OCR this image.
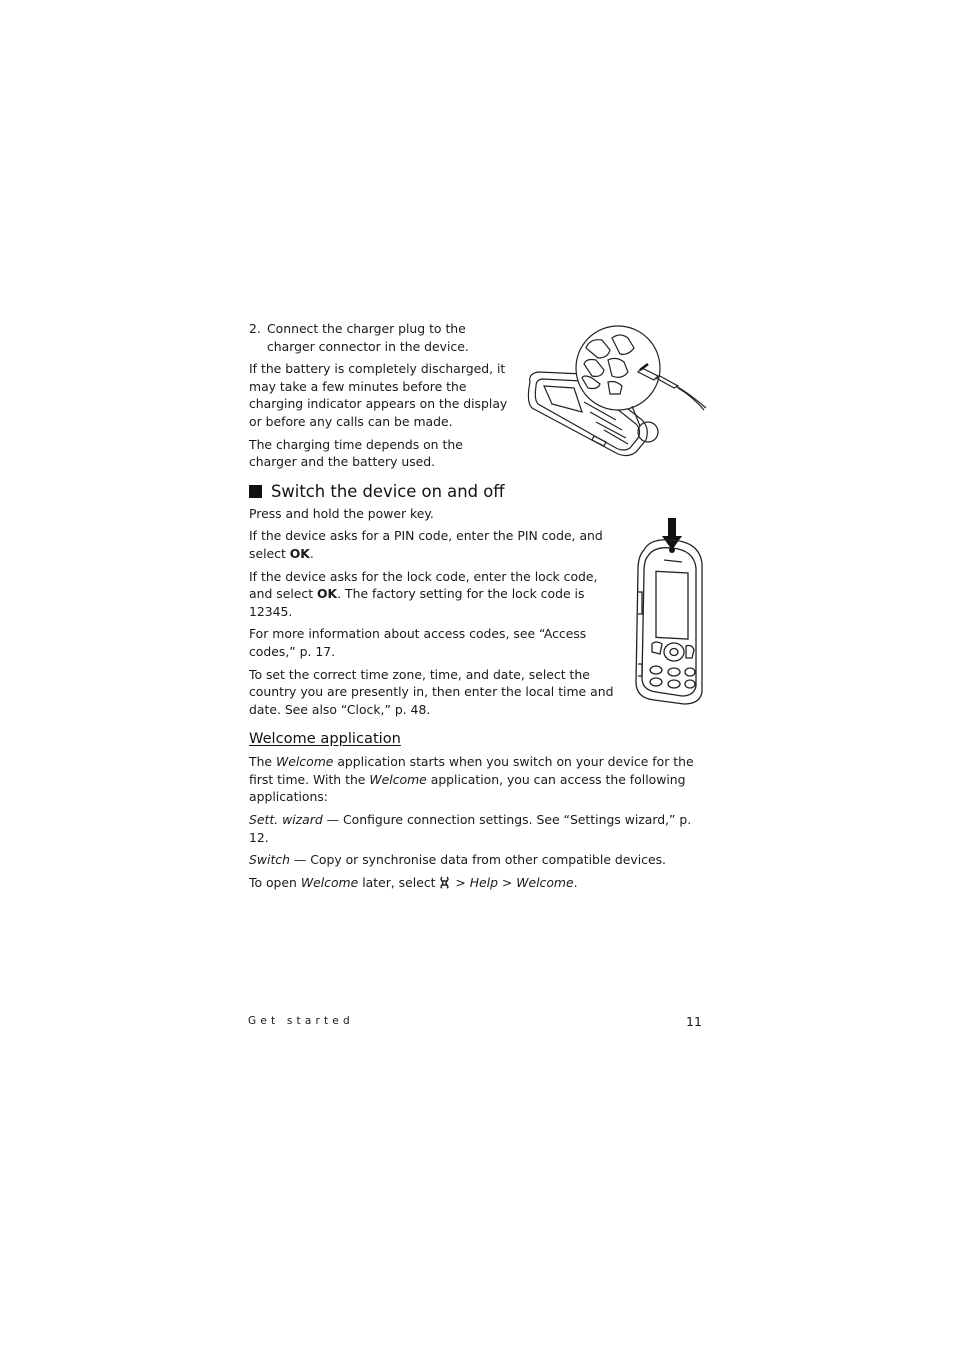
2. Connect the charger plug to the charger connector in the device.

If the battery is completely discharged, it may take a few minutes before the charging indicator appears on the display or before any calls can be made.

The charging time depends on the charger and the battery used.

Switch the device on and off

Press and hold the power key.

If the device asks for a PIN code, enter the PIN code, and select OK.

If the device asks for the lock code, enter the lock code, and select OK. The factory setting for the lock code is 12345.

For more information about access codes, see “Access codes,” p. 17.

To set the correct time zone, time, and date, select the country you are presently in, then enter the local time and date. See also “Clock,” p. 48.

Welcome application

The Welcome application starts when you switch on your device for the first time. With the Welcome application, you can access the following applications:

Sett. wizard — Configure connection settings. See “Settings wizard,” p. 12.

Switch — Copy or synchronise data from other compatible devices.

To open Welcome later, select  > Help > Welcome.

Get started	11
